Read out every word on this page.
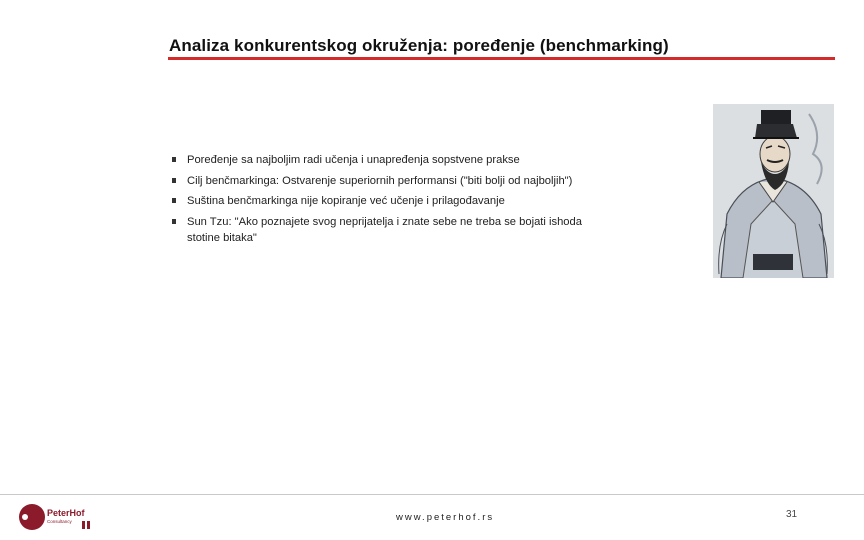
Analiza konkurentskog okruženja: poređenje (benchmarking)
Poređenje sa najboljim radi učenja i unapređenja sopstvene prakse
Cilj benčmarkinga: Ostvarenje superiornih performansi ("biti bolji od najboljih")
Suština benčmarkinga nije kopiranje već učenje i prilagođavanje
Sun Tzu: "Ako poznajete svog neprijatelja i znate sebe ne treba se bojati ishoda stotine bitaka"
PeterHof
Consultancy	www.peterhof.rs	31
